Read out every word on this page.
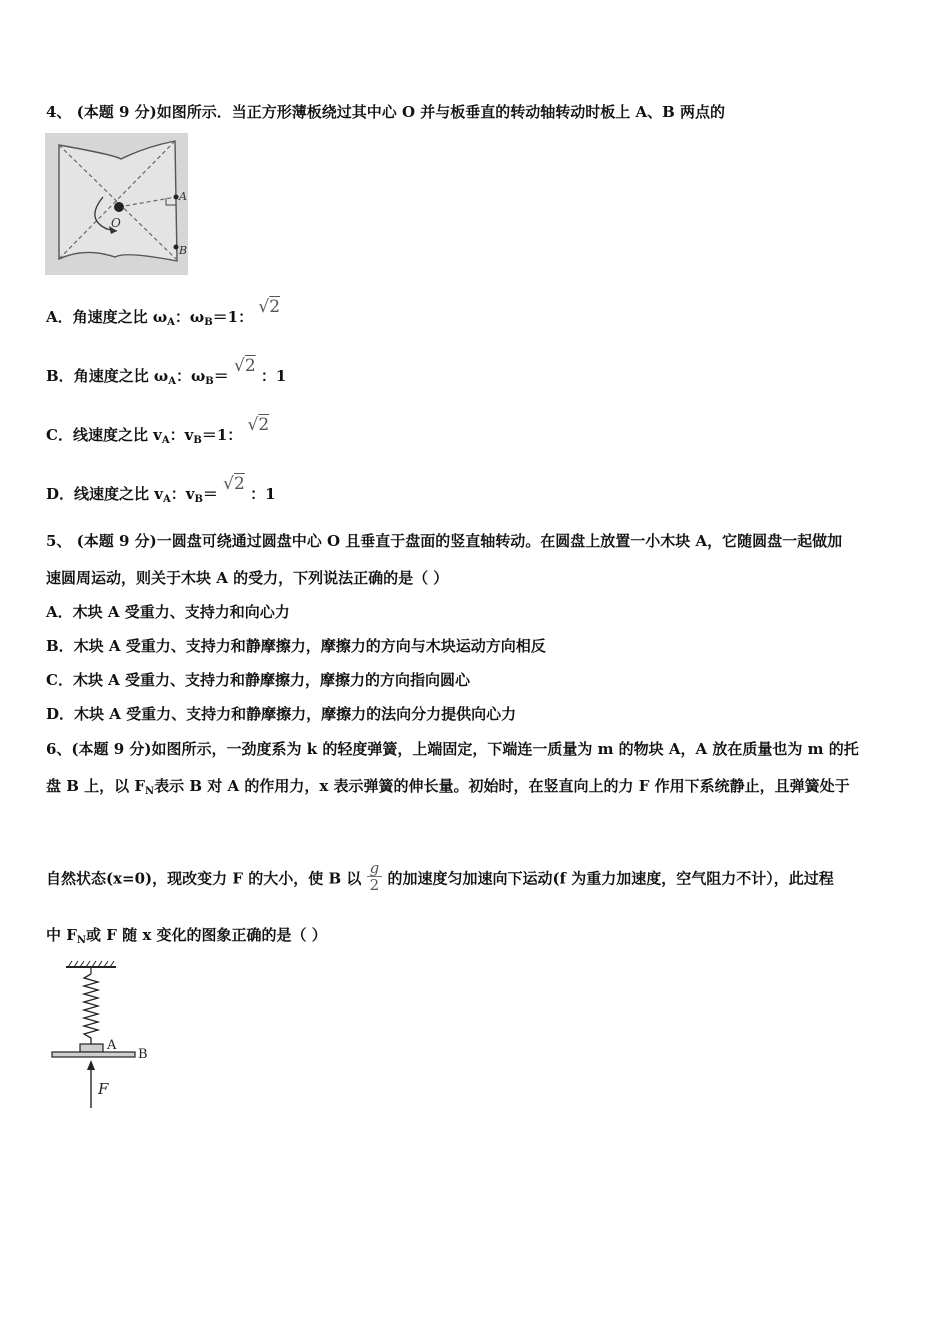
4、 (本题 9 分)如图所示．当正方形薄板绕过其中心 O 并与板垂直的转动轴转动时板上 A、B 两点的
O
A
B
A．角速度之比 $\omega_A$：$\omega_B=1$： √2
B．角速度之比 $\omega_A$：$\omega_B= √2$ ：1
C．线速度之比 $v_A$：$v_B=1$： √2
D．线速度之比 $v_A$：$v_B= √2$ ：1
5、 (本题 9 分)一圆盘可绕通过圆盘中心 O 且垂直于盘面的竖直轴转动。在圆盘上放置一小木块 A，它随圆盘一起做加
速圆周运动，则关于木块 A 的受力，下列说法正确的是（ ）
A．木块 A 受重力、支持力和向心力
B．木块 A 受重力、支持力和静摩擦力，摩擦力的方向与木块运动方向相反
C．木块 A 受重力、支持力和静摩擦力，摩擦力的方向指向圆心
D．木块 A 受重力、支持力和静摩擦力，摩擦力的法向分力提供向心力
6、(本题 9 分)如图所示，一劲度系为 k 的轻度弹簧，上端固定，下端连一质量为 m 的物块 A，A 放在质量也为 m 的托
盘 B 上，以 $F_N$表示 B 对 A 的作用力，x 表示弹簧的伸长量。初始时，在竖直向上的力 F 作用下系统静止，且弹簧处于
自然状态(x=0)，现改变力 F 的大小，使 B 以 $\frac{g}{2}$ 的加速度匀加速向下运动(f 为重力加速度，空气阻力不计），此过程
中 $F_N$或 F 随 x 变化的图象正确的是（ ）
A
B
F
